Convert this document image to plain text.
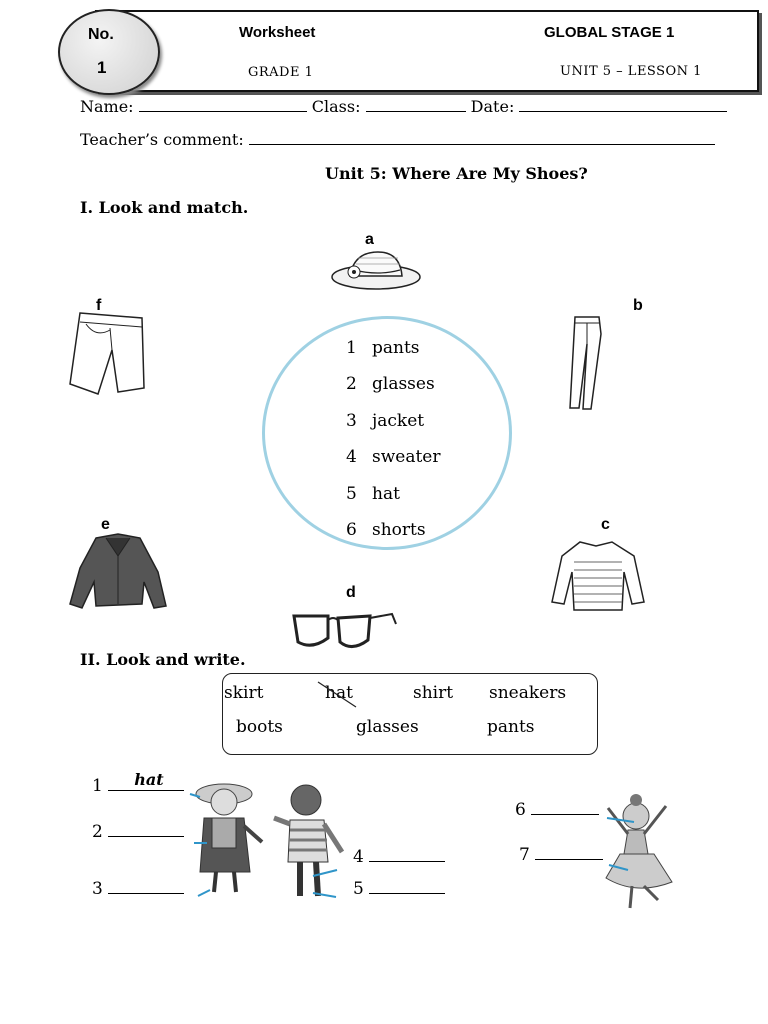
No.
1
Worksheet	GLOBAL STAGE 1
GRADE 1	UNIT 5 – LESSON 1
Name:	Class:	Date:
Teacher’s comment:
Unit 5: Where Are My Shoes?
I. Look and match.
a
b
c
d
e
f
1 pants
2 glasses
3 jacket
4 sweater
5 hat
6 shorts
II. Look and write.
skirt	hat	shirt sneakers
boots	glasses	pants
1 hat
2
3
4
5
6
7
